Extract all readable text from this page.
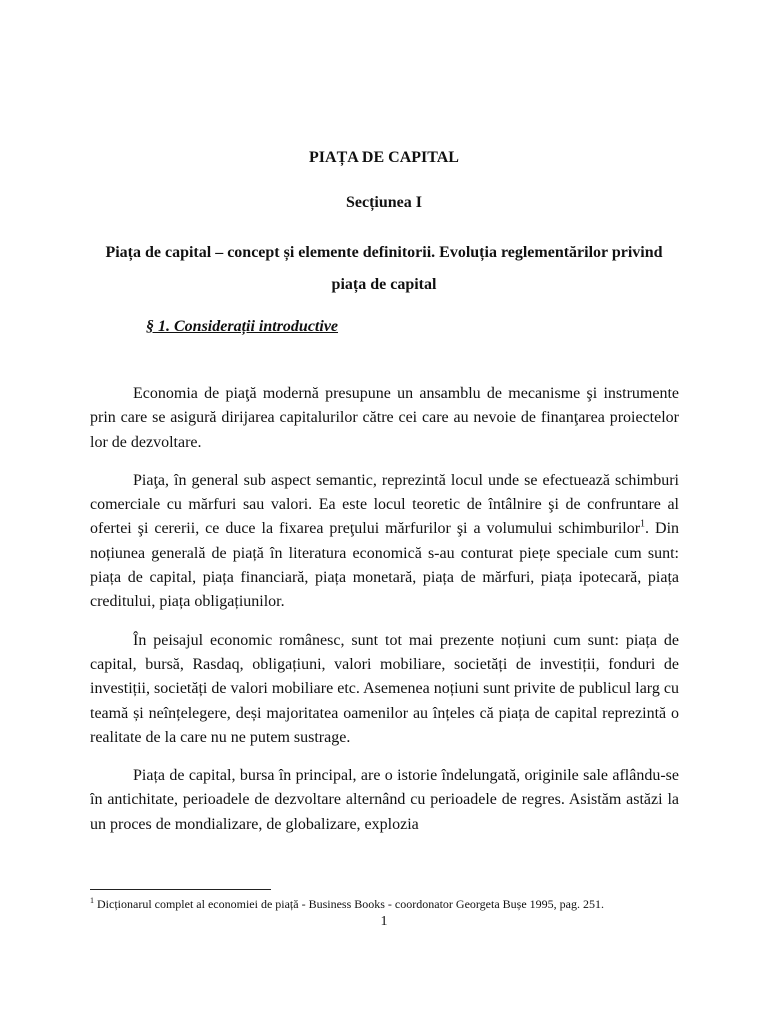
PIAȚA DE CAPITAL
Secțiunea I
Piața de capital – concept și elemente definitorii. Evoluția reglementărilor privind piața de capital
§ 1. Considerații introductive

Economia de piaţă modernă presupune un ansamblu de mecanisme şi instrumente prin care se asigură dirijarea capitalurilor către cei care au nevoie de finanţarea proiectelor lor de dezvoltare.

Piaţa, în general sub aspect semantic, reprezintă locul unde se efectuează schimburi comerciale cu mărfuri sau valori. Ea este locul teoretic de întâlnire şi de confruntare al ofertei şi cererii, ce duce la fixarea preţului mărfurilor şi a volumului schimburilor$^1$. Din noțiunea generală de piață în literatura economică s-au conturat piețe speciale cum sunt: piața de capital, piața financiară, piața monetară, piața de mărfuri, piața ipotecară, piața creditului, piața obligațiunilor.

În peisajul economic românesc, sunt tot mai prezente noțiuni cum sunt: piața de capital, bursă, Rasdaq, obligațiuni, valori mobiliare, societăți de investiții, fonduri de investiții, societăți de valori mobiliare etc. Asemenea noțiuni sunt privite de publicul larg cu teamă și neînțelegere, deși majoritatea oamenilor au înțeles că piața de capital reprezintă o realitate de la care nu ne putem sustrage.

Piața de capital, bursa în principal, are o istorie îndelungată, originile sale aflându-se în antichitate, perioadele de dezvoltare alternând cu perioadele de regres. Asistăm astăzi la un proces de mondializare, de globalizare, explozia

$^1$ Dicționarul complet al economiei de piață - Business Books - coordonator Georgeta Bușe 1995, pag. 251.

1
